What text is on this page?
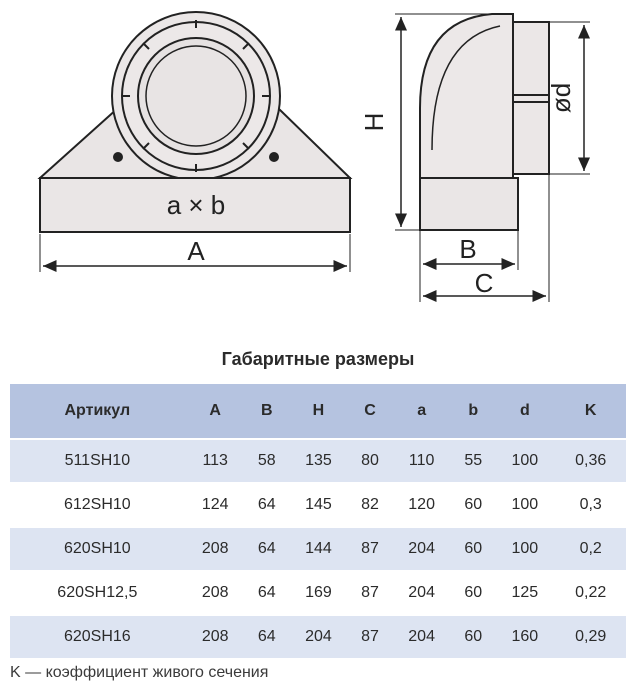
a × b
A
H
ød
B
C
Габаритные размеры
Артикул	A	B	H	C	a	b	d	K
511SH10	113	58	135	80	110	55	100	0,36
612SH10	124	64	145	82	120	60	100	0,3
620SH10	208	64	144	87	204	60	100	0,2
620SH12,5	208	64	169	87	204	60	125	0,22
620SH16	208	64	204	87	204	60	160	0,29
K — коэффициент живого сечения
